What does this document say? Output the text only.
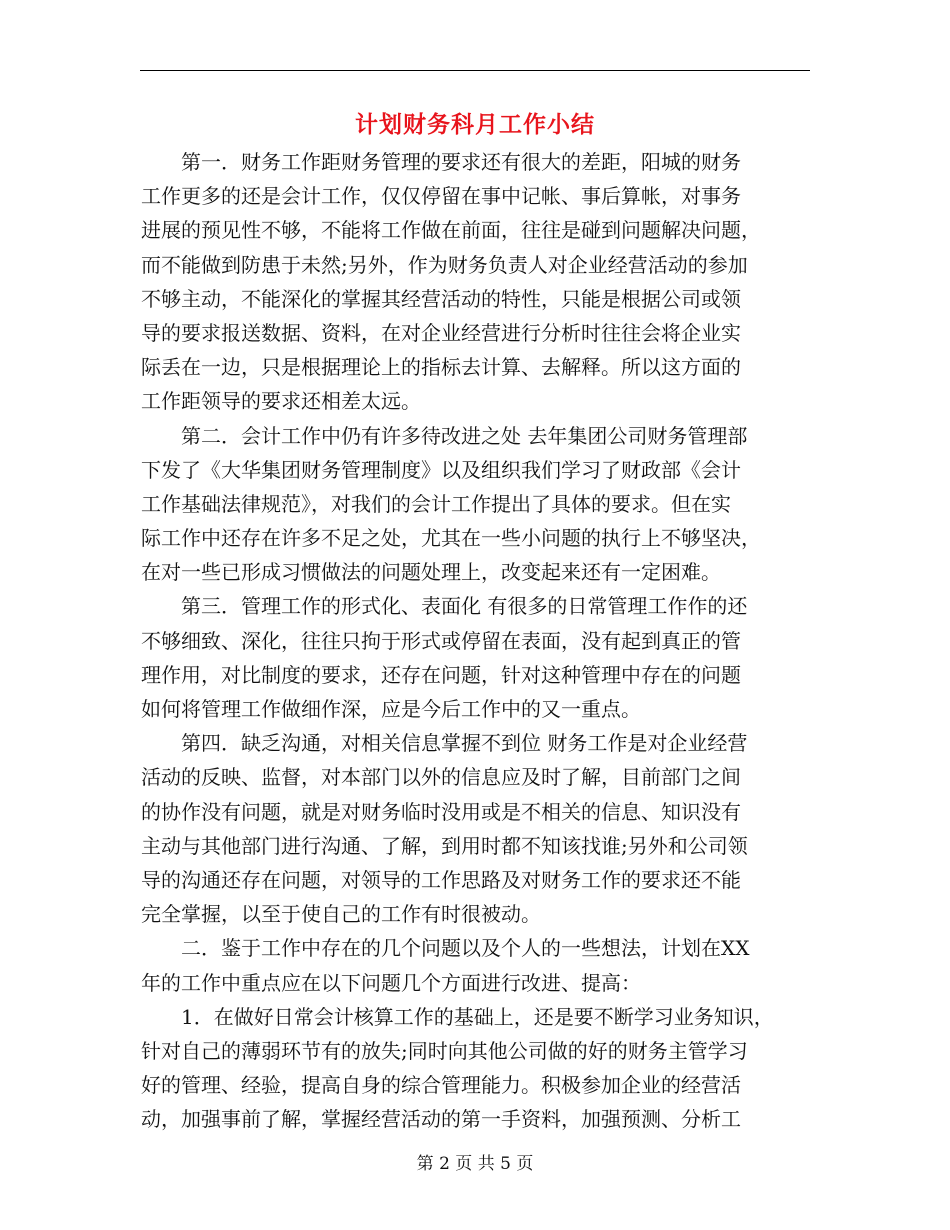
计划财务科月工作小结
　　第一．财务工作距财务管理的要求还有很大的差距，阳城的财务
工作更多的还是会计工作，仅仅停留在事中记帐、事后算帐，对事务
进展的预见性不够，不能将工作做在前面，往往是碰到问题解决问题，
而不能做到防患于未然;另外，作为财务负责人对企业经营活动的参加
不够主动，不能深化的掌握其经营活动的特性，只能是根据公司或领
导的要求报送数据、资料，在对企业经营进行分析时往往会将企业实
际丢在一边，只是根据理论上的指标去计算、去解释。所以这方面的
工作距领导的要求还相差太远。
　　第二．会计工作中仍有许多待改进之处 去年集团公司财务管理部
下发了《大华集团财务管理制度》以及组织我们学习了财政部《会计
工作基础法律规范》，对我们的会计工作提出了具体的要求。但在实
际工作中还存在许多不足之处，尤其在一些小问题的执行上不够坚决，
在对一些已形成习惯做法的问题处理上，改变起来还有一定困难。
　　第三．管理工作的形式化、表面化 有很多的日常管理工作作的还
不够细致、深化，往往只拘于形式或停留在表面，没有起到真正的管
理作用，对比制度的要求，还存在问题，针对这种管理中存在的问题
如何将管理工作做细作深，应是今后工作中的又一重点。
　　第四．缺乏沟通，对相关信息掌握不到位 财务工作是对企业经营
活动的反映、监督，对本部门以外的信息应及时了解，目前部门之间
的协作没有问题，就是对财务临时没用或是不相关的信息、知识没有
主动与其他部门进行沟通、了解，到用时都不知该找谁;另外和公司领
导的沟通还存在问题，对领导的工作思路及对财务工作的要求还不能
完全掌握，以至于使自己的工作有时很被动。
　　二．鉴于工作中存在的几个问题以及个人的一些想法，计划在XX
年的工作中重点应在以下问题几个方面进行改进、提高：
　　1．在做好日常会计核算工作的基础上，还是要不断学习业务知识，
针对自己的薄弱环节有的放失;同时向其他公司做的好的财务主管学习
好的管理、经验，提高自身的综合管理能力。积极参加企业的经营活
动，加强事前了解，掌握经营活动的第一手资料，加强预测、分析工
第 2 页 共 5 页
